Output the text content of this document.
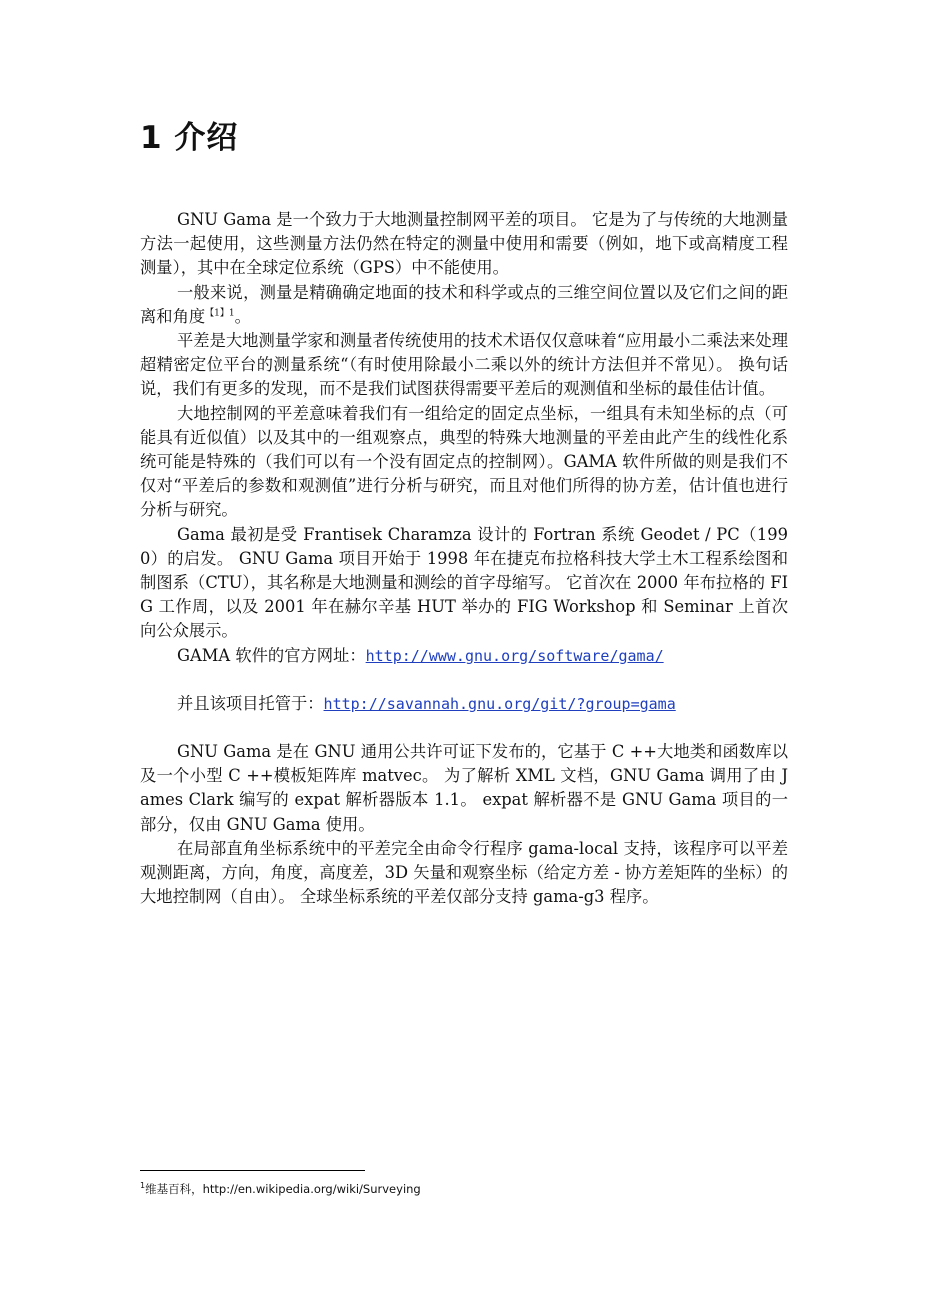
1 介绍

GNU Gama 是一个致力于大地测量控制网平差的项目。 它是为了与传统的大地测量方法一起使用，这些测量方法仍然在特定的测量中使用和需要（例如，地下或高精度工程测量），其中在全球定位系统（GPS）中不能使用。

一般来说，测量是精确确定地面的技术和科学或点的三维空间位置以及它们之间的距离和角度$^{【1】1}$。

平差是大地测量学家和测量者传统使用的技术术语仅仅意味着“应用最小二乘法来处理超精密定位平台的测量系统“（有时使用除最小二乘以外的统计方法但并不常见）。 换句话说，我们有更多的发现，而不是我们试图获得需要平差后的观测值和坐标的最佳估计值。

大地控制网的平差意味着我们有一组给定的固定点坐标，一组具有未知坐标的点（可能具有近似值）以及其中的一组观察点，典型的特殊大地测量的平差由此产生的线性化系统可能是特殊的（我们可以有一个没有固定点的控制网）。GAMA 软件所做的则是我们不仅对“平差后的参数和观测值”进行分析与研究，而且对他们所得的协方差，估计值也进行分析与研究。

Gama 最初是受 Frantisek Charamza 设计的 Fortran 系统 Geodet / PC（1990）的启发。 GNU Gama 项目开始于 1998 年在捷克布拉格科技大学土木工程系绘图和制图系（CTU），其名称是大地测量和测绘的首字母缩写。 它首次在 2000 年布拉格的 FIG 工作周，以及 2001 年在赫尔辛基 HUT 举办的 FIG Workshop 和 Seminar 上首次向公众展示。

GAMA 软件的官方网址：http://www.gnu.org/software/gama/

并且该项目托管于：http://savannah.gnu.org/git/?group=gama

GNU Gama 是在 GNU 通用公共许可证下发布的，它基于 C ++大地类和函数库以及一个小型 C ++模板矩阵库 matvec。 为了解析 XML 文档，GNU Gama 调用了由 James Clark 编写的 expat 解析器版本 1.1。 expat 解析器不是 GNU Gama 项目的一部分，仅由 GNU Gama 使用。

在局部直角坐标系统中的平差完全由命令行程序 gama-local 支持，该程序可以平差观测距离，方向，角度，高度差，3D 矢量和观察坐标（给定方差 - 协方差矩阵的坐标）的大地控制网（自由）。 全球坐标系统的平差仅部分支持 gama-g3 程序。

$^1$维基百科，http://en.wikipedia.org/wiki/Surveying
